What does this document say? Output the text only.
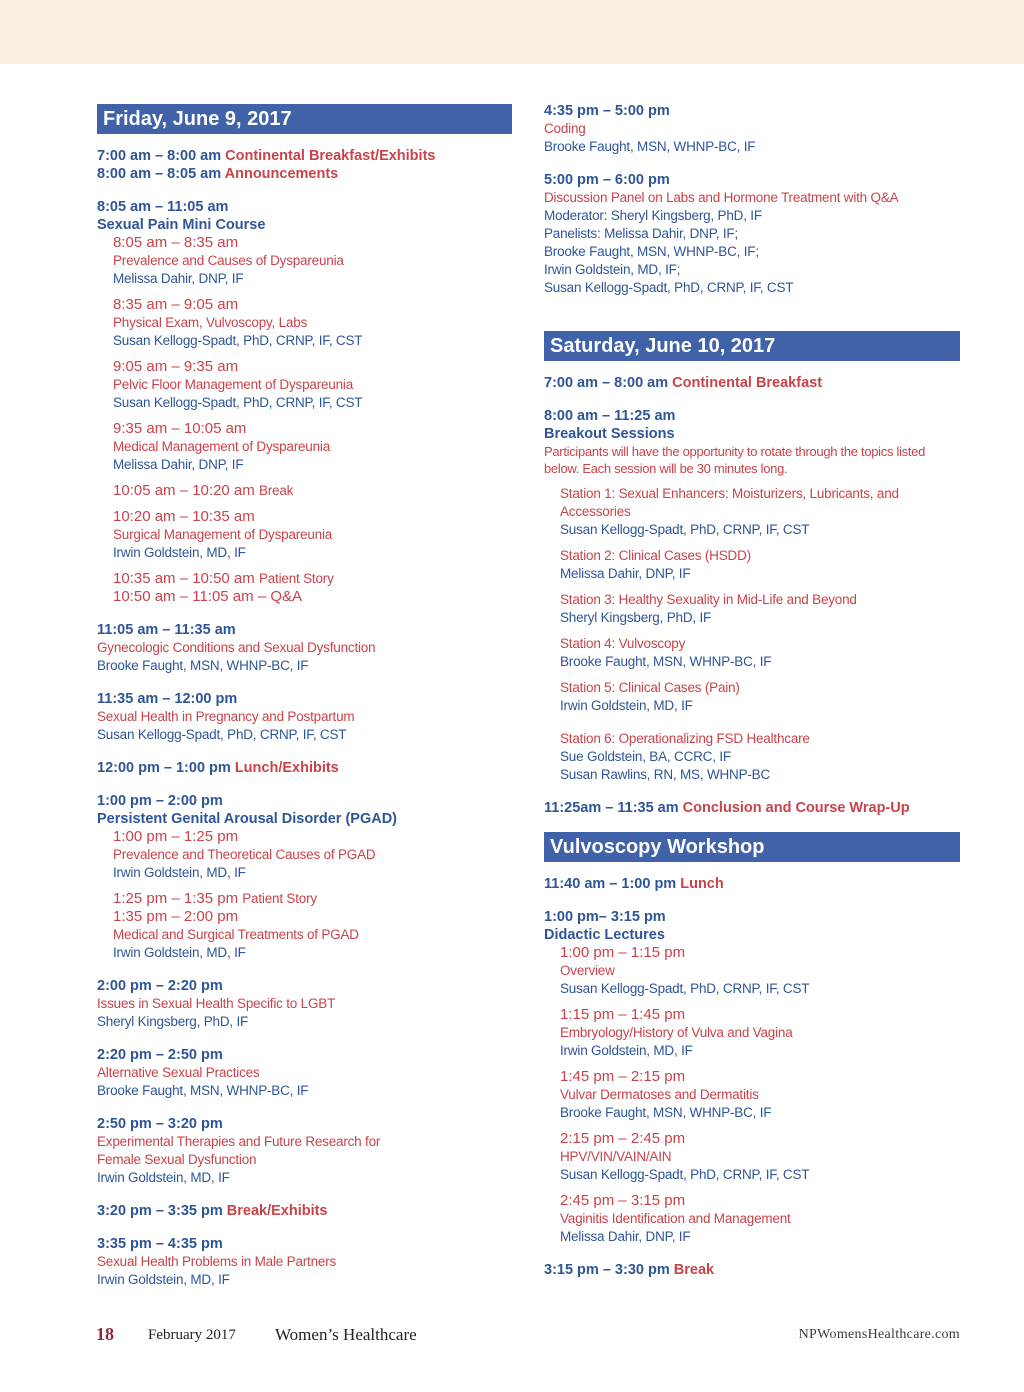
Friday, June 9, 2017
7:00 am – 8:00 am Continental Breakfast/Exhibits
8:00 am – 8:05 am Announcements
8:05 am – 11:05 am
Sexual Pain Mini Course
8:05 am – 8:35 am
Prevalence and Causes of Dyspareunia
Melissa Dahir, DNP, IF
8:35 am – 9:05 am
Physical Exam, Vulvoscopy, Labs
Susan Kellogg-Spadt, PhD, CRNP, IF, CST
9:05 am – 9:35 am
Pelvic Floor Management of Dyspareunia
Susan Kellogg-Spadt, PhD, CRNP, IF, CST
9:35 am – 10:05 am
Medical Management of Dyspareunia
Melissa Dahir, DNP, IF
10:05 am – 10:20 am Break
10:20 am – 10:35 am
Surgical Management of Dyspareunia
Irwin Goldstein, MD, IF
10:35 am – 10:50 am Patient Story
10:50 am – 11:05 am – Q&A
11:05 am – 11:35 am
Gynecologic Conditions and Sexual Dysfunction
Brooke Faught, MSN, WHNP-BC, IF
11:35 am – 12:00 pm
Sexual Health in Pregnancy and Postpartum
Susan Kellogg-Spadt, PhD, CRNP, IF, CST
12:00 pm – 1:00 pm Lunch/Exhibits
1:00 pm – 2:00 pm
Persistent Genital Arousal Disorder (PGAD)
1:00 pm – 1:25 pm
Prevalence and Theoretical Causes of PGAD
Irwin Goldstein, MD, IF
1:25 pm – 1:35 pm Patient Story
1:35 pm – 2:00 pm
Medical and Surgical Treatments of PGAD
Irwin Goldstein, MD, IF
2:00 pm – 2:20 pm
Issues in Sexual Health Specific to LGBT
Sheryl Kingsberg, PhD, IF
2:20 pm – 2:50 pm
Alternative Sexual Practices
Brooke Faught, MSN, WHNP-BC, IF
2:50 pm – 3:20 pm
Experimental Therapies and Future Research for
Female Sexual Dysfunction
Irwin Goldstein, MD, IF
3:20 pm – 3:35 pm Break/Exhibits
3:35 pm – 4:35 pm
Sexual Health Problems in Male Partners
Irwin Goldstein, MD, IF
4:35 pm – 5:00 pm
Coding
Brooke Faught, MSN, WHNP-BC, IF
5:00 pm – 6:00 pm
Discussion Panel on Labs and Hormone Treatment with Q&A
Moderator: Sheryl Kingsberg, PhD, IF
Panelists: Melissa Dahir, DNP, IF;
Brooke Faught, MSN, WHNP-BC, IF;
Irwin Goldstein, MD, IF;
Susan Kellogg-Spadt, PhD, CRNP, IF, CST
Saturday, June 10, 2017
7:00 am – 8:00 am Continental Breakfast
8:00 am – 11:25 am
Breakout Sessions
Participants will have the opportunity to rotate through the topics listed
below. Each session will be 30 minutes long.
Station 1: Sexual Enhancers: Moisturizers, Lubricants, and
Accessories
Susan Kellogg-Spadt, PhD, CRNP, IF, CST
Station 2: Clinical Cases (HSDD)
Melissa Dahir, DNP, IF
Station 3: Healthy Sexuality in Mid-Life and Beyond
Sheryl Kingsberg, PhD, IF
Station 4: Vulvoscopy
Brooke Faught, MSN, WHNP-BC, IF
Station 5: Clinical Cases (Pain)
Irwin Goldstein, MD, IF
Station 6: Operationalizing FSD Healthcare
Sue Goldstein, BA, CCRC, IF
Susan Rawlins, RN, MS, WHNP-BC
11:25am – 11:35 am Conclusion and Course Wrap-Up
Vulvoscopy Workshop
11:40 am – 1:00 pm Lunch
1:00 pm– 3:15 pm
Didactic Lectures
1:00 pm – 1:15 pm
Overview
Susan Kellogg-Spadt, PhD, CRNP, IF, CST
1:15 pm – 1:45 pm
Embryology/History of Vulva and Vagina
Irwin Goldstein, MD, IF
1:45 pm – 2:15 pm
Vulvar Dermatoses and Dermatitis
Brooke Faught, MSN, WHNP-BC, IF
2:15 pm – 2:45 pm
HPV/VIN/VAIN/AIN
Susan Kellogg-Spadt, PhD, CRNP, IF, CST
2:45 pm – 3:15 pm
Vaginitis Identification and Management
Melissa Dahir, DNP, IF
3:15 pm – 3:30 pm Break
18 February 2017 Women’s Healthcare	NPWomensHealthcare.com
